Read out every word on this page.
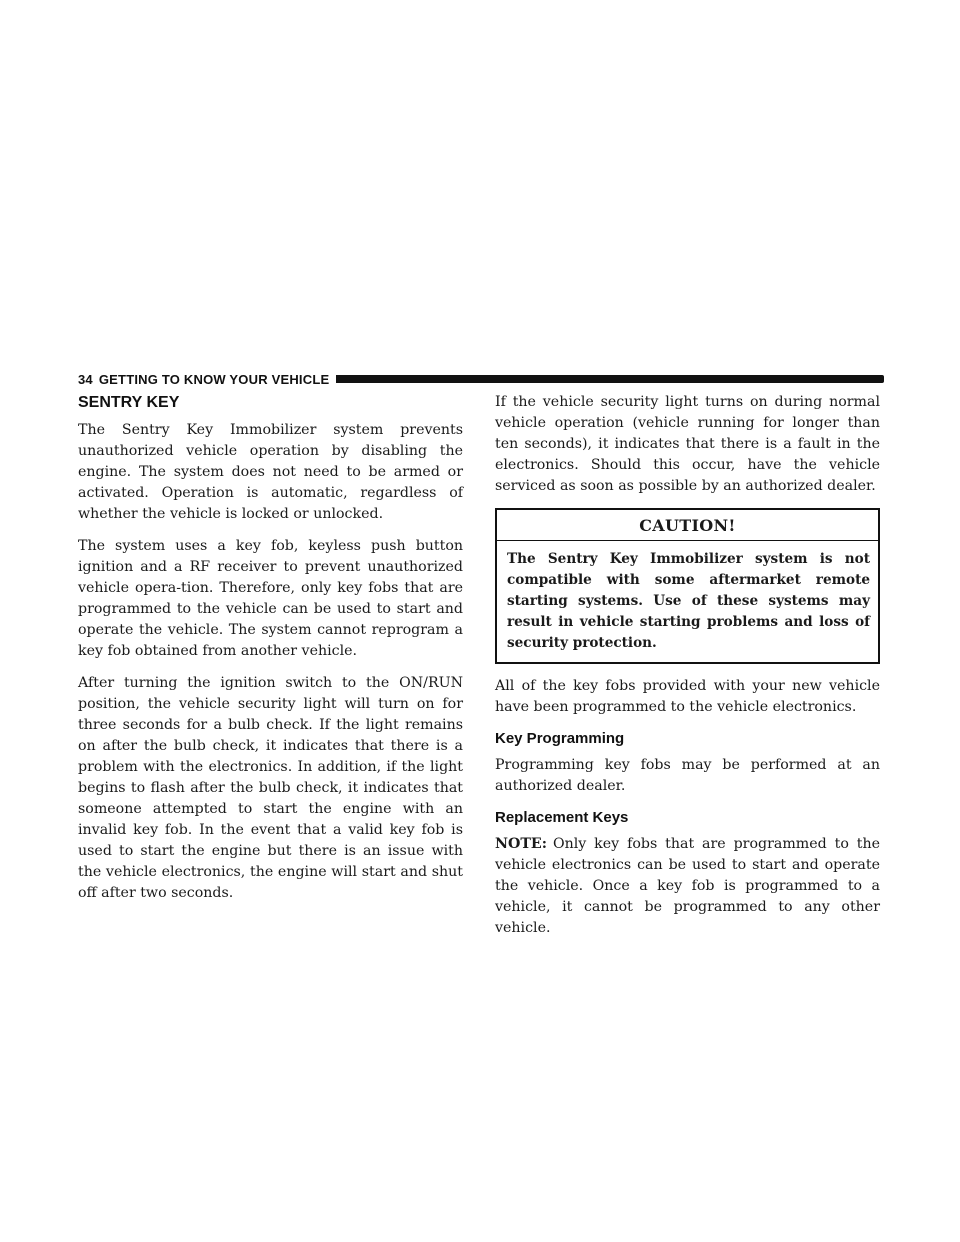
34 GETTING TO KNOW YOUR VEHICLE
SENTRY KEY

The Sentry Key Immobilizer system prevents unauthorized vehicle operation by disabling the engine. The system does not need to be armed or activated. Operation is automatic, regardless of whether the vehicle is locked or unlocked.

The system uses a key fob, keyless push button ignition and a RF receiver to prevent unauthorized vehicle opera-tion. Therefore, only key fobs that are programmed to the vehicle can be used to start and operate the vehicle. The system cannot reprogram a key fob obtained from another vehicle.

After turning the ignition switch to the ON/RUN position, the vehicle security light will turn on for three seconds for a bulb check. If the light remains on after the bulb check, it indicates that there is a problem with the electronics. In addition, if the light begins to flash after the bulb check, it indicates that someone attempted to start the engine with an invalid key fob. In the event that a valid key fob is used to start the engine but there is an issue with the vehicle electronics, the engine will start and shut off after two seconds.

If the vehicle security light turns on during normal vehicle operation (vehicle running for longer than ten seconds), it indicates that there is a fault in the electronics. Should this occur, have the vehicle serviced as soon as possible by an authorized dealer.

CAUTION!
The Sentry Key Immobilizer system is not compatible with some aftermarket remote starting systems. Use of these systems may result in vehicle starting problems and loss of security protection.

All of the key fobs provided with your new vehicle have been programmed to the vehicle electronics.

Key Programming

Programming key fobs may be performed at an authorized dealer.

Replacement Keys

NOTE: Only key fobs that are programmed to the vehicle electronics can be used to start and operate the vehicle. Once a key fob is programmed to a vehicle, it cannot be programmed to any other vehicle.
